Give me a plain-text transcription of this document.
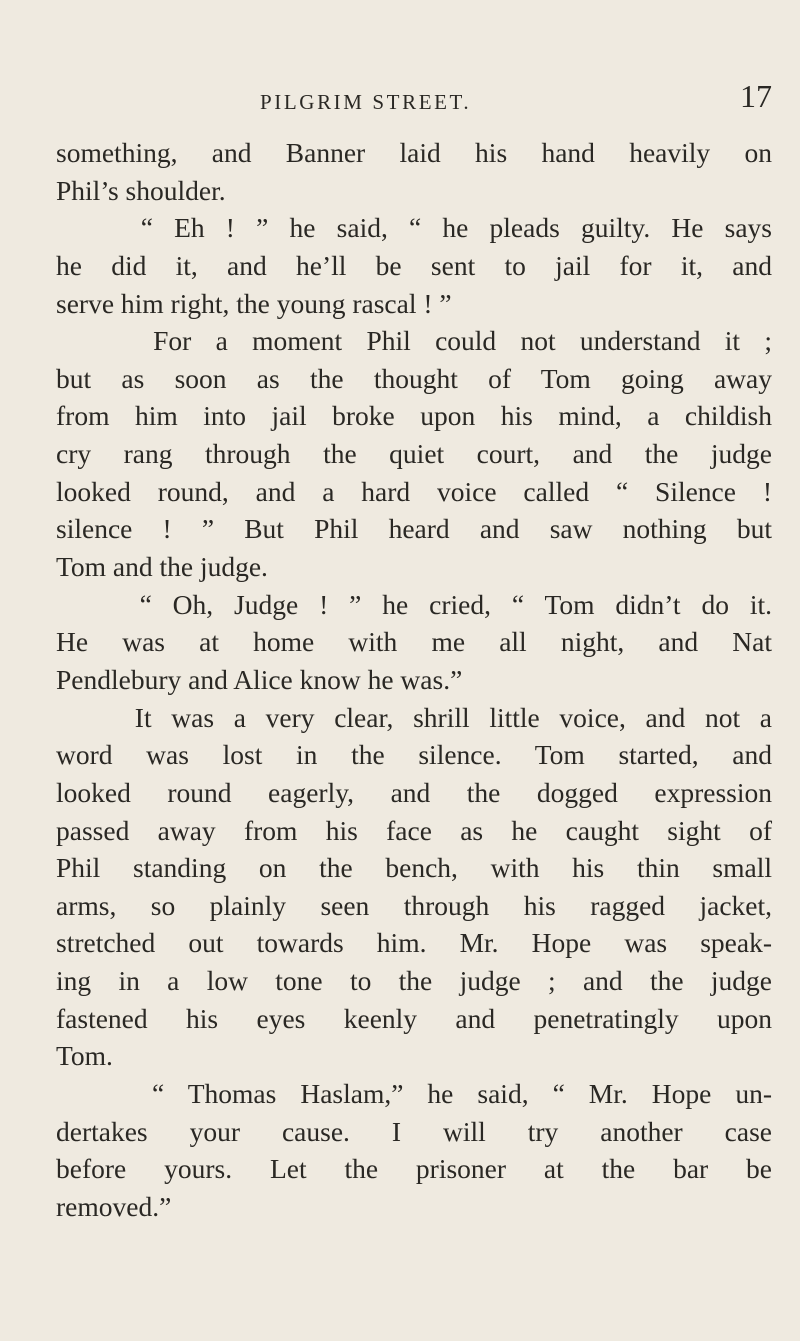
PILGRIM STREET.	17
something, and Banner laid his hand heavily on
Phil’s shoulder.
“ Eh ! ” he said, “ he pleads guilty. He says
he did it, and he’ll be sent to jail for it, and
serve him right, the young rascal ! ”
For a moment Phil could not understand it ;
but as soon as the thought of Tom going away
from him into jail broke upon his mind, a childish
cry rang through the quiet court, and the judge
looked round, and a hard voice called “ Silence !
silence ! ” But Phil heard and saw nothing but
Tom and the judge.
“ Oh, Judge ! ” he cried, “ Tom didn’t do it.
He was at home with me all night, and Nat
Pendlebury and Alice know he was.”
It was a very clear, shrill little voice, and not a
word was lost in the silence. Tom started, and
looked round eagerly, and the dogged expression
passed away from his face as he caught sight of
Phil standing on the bench, with his thin small
arms, so plainly seen through his ragged jacket,
stretched out towards him. Mr. Hope was speak-
ing in a low tone to the judge ; and the judge
fastened his eyes keenly and penetratingly upon
Tom.
“ Thomas Haslam,” he said, “ Mr. Hope un-
dertakes your cause. I will try another case
before yours. Let the prisoner at the bar be
removed.”
